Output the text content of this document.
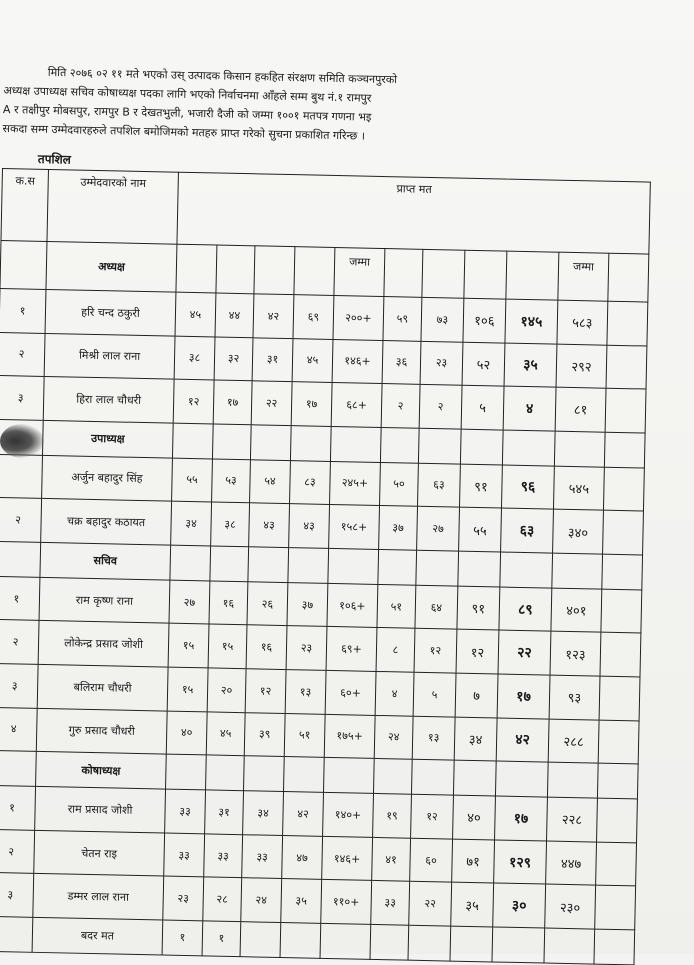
मिति २०७६ ०२ ११ मते भएको उस् उत्पादक किसान हकहित संरक्षण समिति कञ्चनपुरको
अध्यक्ष उपाध्यक्ष सचिव कोषाध्यक्ष पदका लागि भएको निर्वाचनमा आँहले सम्म बुथ नं.१ रामपुर
A र तक्षीपुर मोबसपुर, रामपुर B र देखतभुली, भजारी दैजी को जम्मा १००१ मतपत्र गणना भइ
सकदा सम्म उम्मेदवारहरुले तपशिल बमोजिमको मतहरु प्राप्त गरेको सुचना प्रकाशित गरिन्छ ।
तपशिल
क.स	उम्मेदवारको नाम	प्राप्त मत										
	अध्यक्ष					जम्मा					जम्मा	
१	हरि चन्द ठकुरी	४५	४४	४२	६९	२००+	५९	७३	१०६	१४५	५८३	
२	मिश्री लाल राना	३८	३२	३१	४५	१४६+	३६	२३	५२	३५	२९२	
३	हिरा लाल चौधरी	१२	१७	२२	१७	६८+	२	२	५	४	८१	
	उपाध्यक्ष											
	अर्जुन बहादुर सिंह	५५	५३	५४	८३	२४५+	५०	६३	९१	९६	५४५	
२	चक्र बहादुर कठायत	३४	३८	४३	४३	१५८+	३७	२७	५५	६३	३४०	
	सचिव											
१	राम कृष्ण राना	२७	१६	२६	३७	१०६+	५१	६४	९१	८९	४०१	
२	लोकेन्द्र प्रसाद जोशी	१५	१५	१६	२३	६९+	८	१२	१२	२२	१२३	
३	बलिराम चौधरी	१५	२०	१२	१३	६०+	४	५	७	१७	९३	
४	गुरु प्रसाद चौधरी	४०	४५	३९	५१	१७५+	२४	१३	३४	४२	२८८	
	कोषाध्यक्ष											
१	राम प्रसाद जोशी	३३	३१	३४	४२	१४०+	१९	१२	४०	१७	२२८	
२	चेतन राइ	३३	३३	३३	४७	१४६+	४१	६०	७१	१२९	४४७	
३	डम्मर लाल राना	२३	२८	२४	३५	११०+	३३	२२	३५	३०	२३०	
	बदर मत	१	१									
